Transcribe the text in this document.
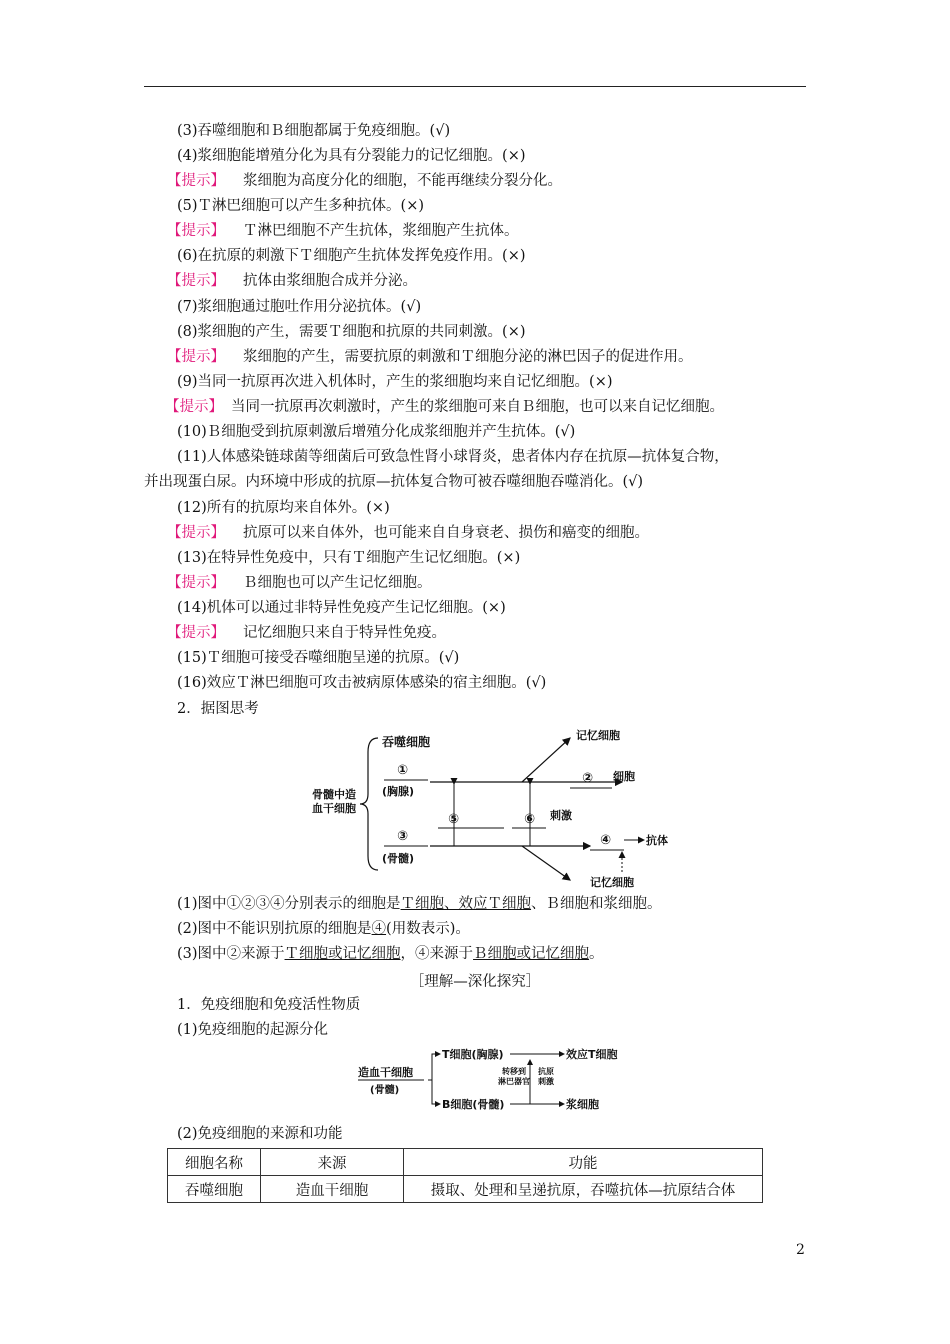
(3)吞噬细胞和Ｂ细胞都属于免疫细胞。(√)
(4)浆细胞能增殖分化为具有分裂能力的记忆细胞。(×)
【提示】 浆细胞为高度分化的细胞，不能再继续分裂分化。
(5)Ｔ淋巴细胞可以产生多种抗体。(×)
【提示】 Ｔ淋巴细胞不产生抗体，浆细胞产生抗体。
(6)在抗原的刺激下Ｔ细胞产生抗体发挥免疫作用。(×)
【提示】 抗体由浆细胞合成并分泌。
(7)浆细胞通过胞吐作用分泌抗体。(√)
(8)浆细胞的产生，需要Ｔ细胞和抗原的共同刺激。(×)
【提示】 浆细胞的产生，需要抗原的刺激和Ｔ细胞分泌的淋巴因子的促进作用。
(9)当同一抗原再次进入机体时，产生的浆细胞均来自记忆细胞。(×)
【提示】 当同一抗原再次刺激时，产生的浆细胞可来自Ｂ细胞，也可以来自记忆细胞。
(10)Ｂ细胞受到抗原刺激后增殖分化成浆细胞并产生抗体。(√)
(11)人体感染链球菌等细菌后可致急性肾小球肾炎，患者体内存在抗原—抗体复合物，
并出现蛋白尿。内环境中形成的抗原—抗体复合物可被吞噬细胞吞噬消化。(√)
(12)所有的抗原均来自体外。(×)
【提示】 抗原可以来自体外，也可能来自自身衰老、损伤和癌变的细胞。
(13)在特异性免疫中，只有Ｔ细胞产生记忆细胞。(×)
【提示】 Ｂ细胞也可以产生记忆细胞。
(14)机体可以通过非特异性免疫产生记忆细胞。(×)
【提示】 记忆细胞只来自于特异性免疫。
(15)Ｔ细胞可接受吞噬细胞呈递的抗原。(√)
(16)效应Ｔ淋巴细胞可攻击被病原体感染的宿主细胞。(√)
2．据图思考
骨髓中造
血干细胞
吞噬细胞
①
(胸腺)
② 细胞
记忆细胞
⑤	⑥ 刺激
③
(骨髓)
④	抗体
记忆细胞
(1)图中①②③④分别表示的细胞是Ｔ细胞、效应Ｔ细胞、Ｂ细胞和浆细胞。
(2)图中不能识别抗原的细胞是④(用数表示)。
(3)图中②来源于Ｔ细胞或记忆细胞，④来源于Ｂ细胞或记忆细胞。
［理解—深化探究］
1．免疫细胞和免疫活性物质
(1)免疫细胞的起源分化
造血干细胞
(骨髓)
T细胞(胸腺)	效应T细胞
转移到
淋巴器官
抗原
刺激
B细胞(骨髓)	浆细胞
(2)免疫细胞的来源和功能
细胞名称	来源	功能
吞噬细胞	造血干细胞	摄取、处理和呈递抗原，吞噬抗体—抗原结合体
2
